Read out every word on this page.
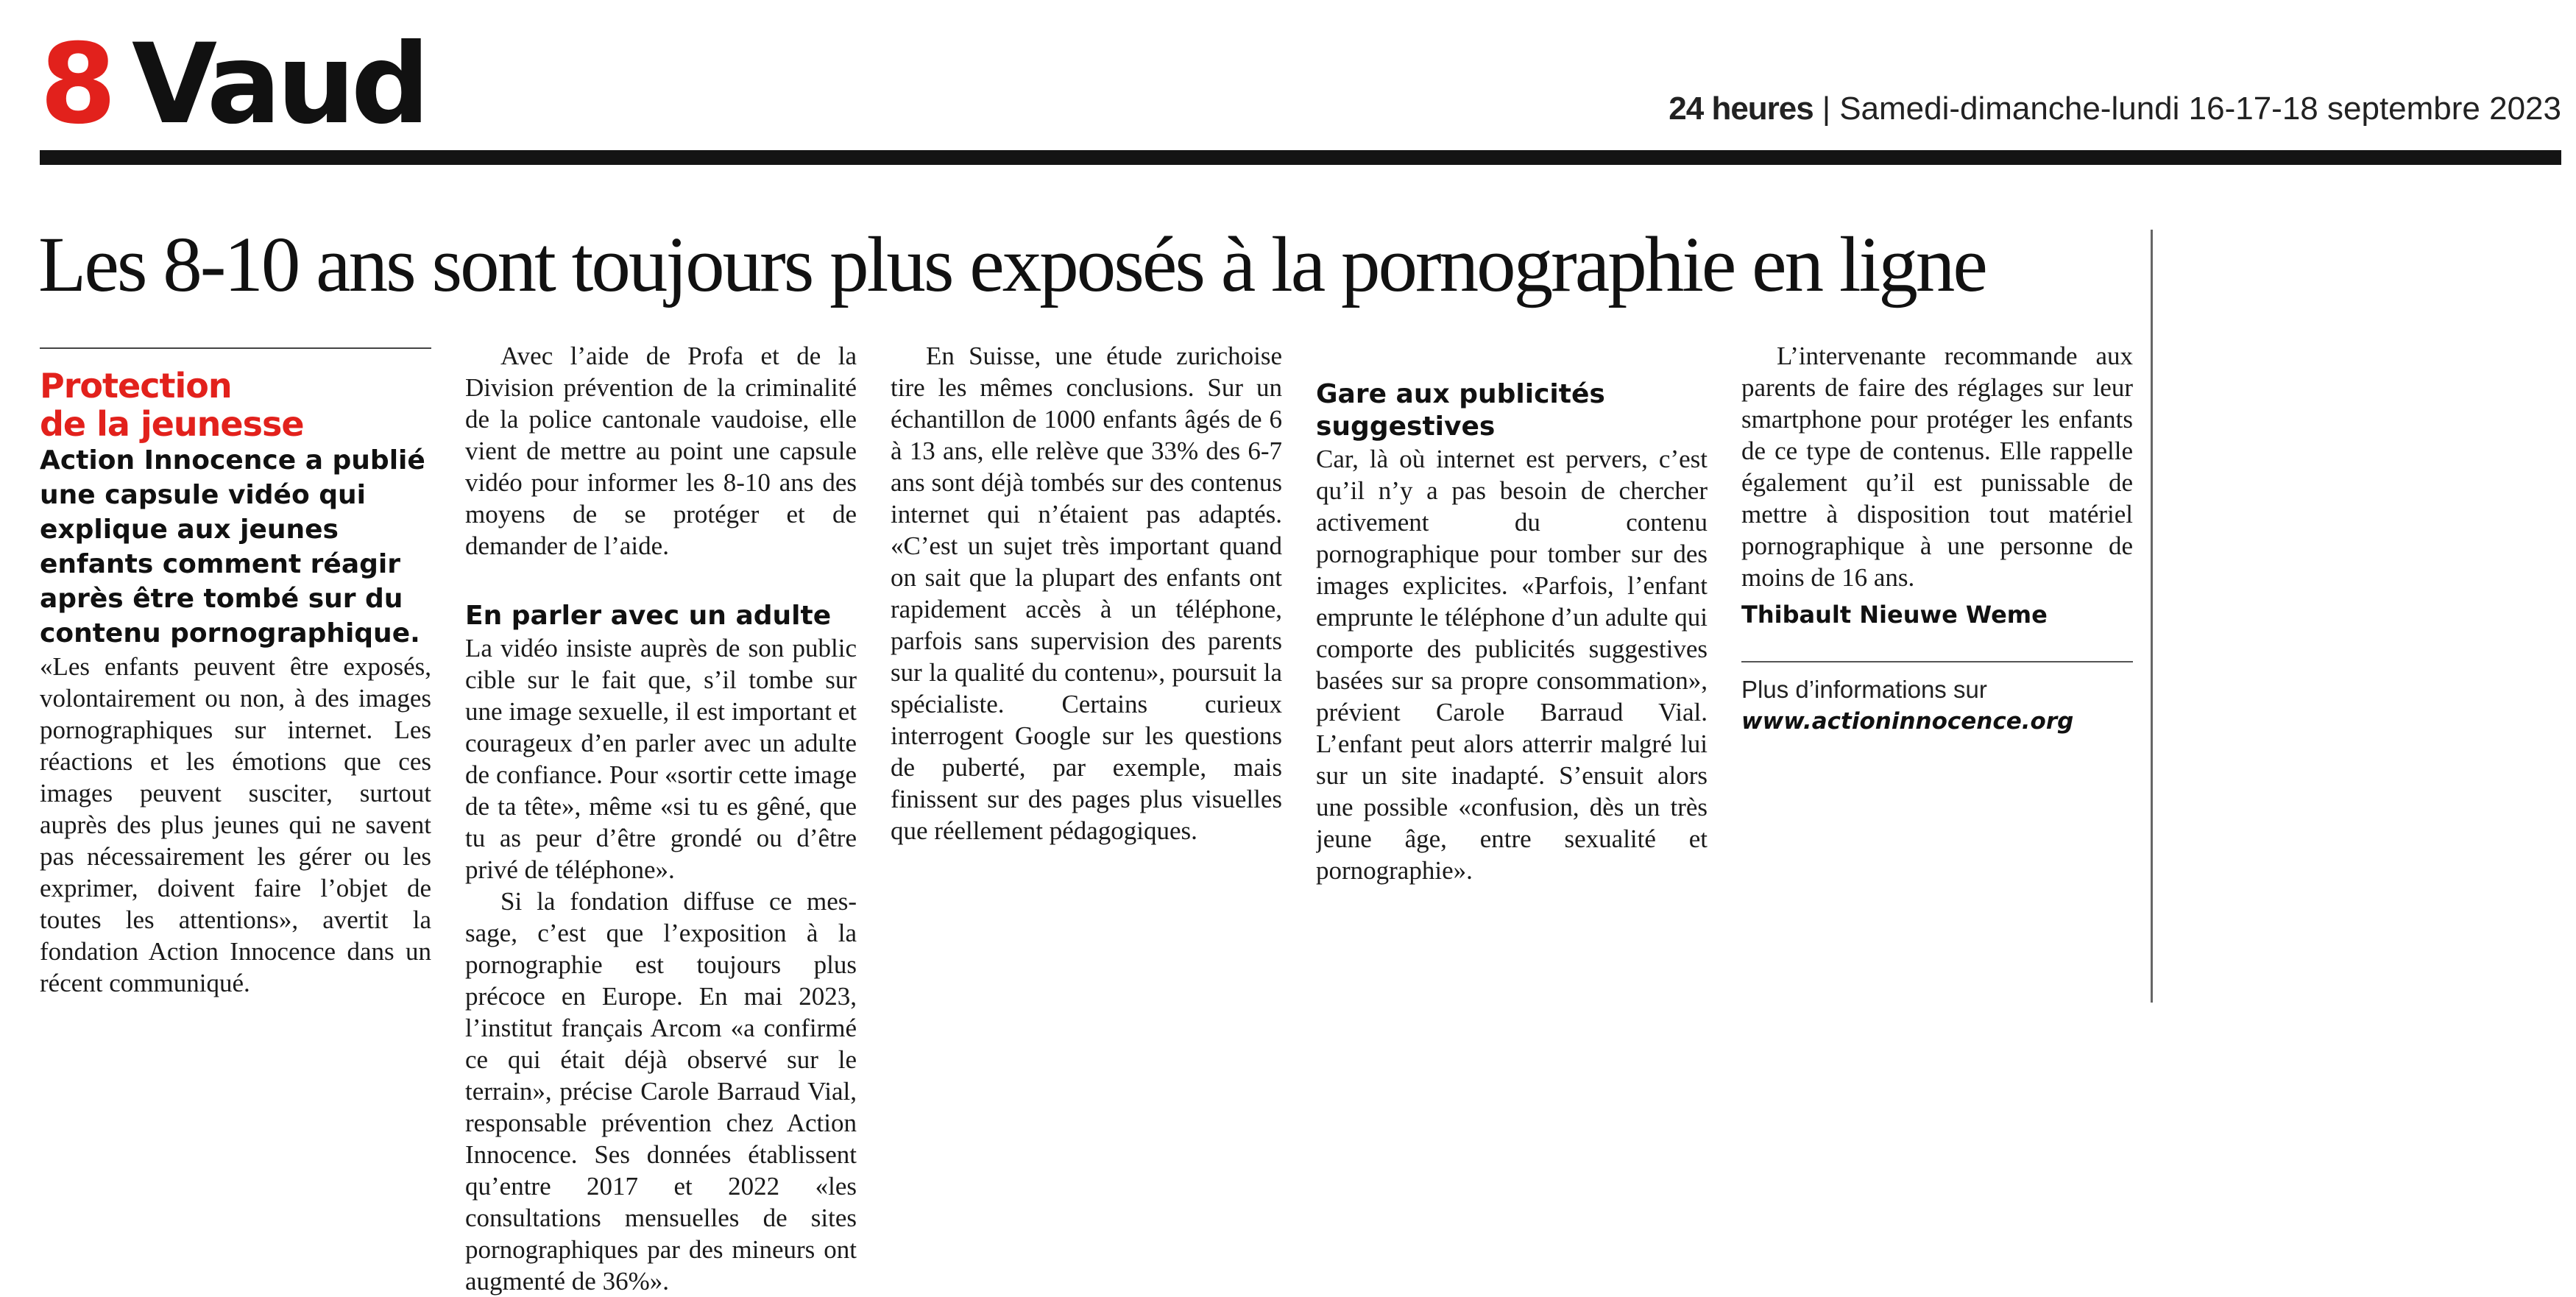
8 Vaud	24 heures | Samedi-dimanche-lundi 16-17-18 septembre 2023
Les 8-10 ans sont toujours plus exposés à la pornographie en ligne
Protection
de la jeunesse

Action Innocence a publié une capsule vidéo qui explique aux jeunes enfants comment réagir après être tombé sur du contenu pornographique.

«Les enfants peuvent être exposés, volontairement ou non, à des images pornographiques sur internet. Les réactions et les émotions que ces images peuvent susciter, surtout auprès des plus jeunes qui ne savent pas nécessairement les gérer ou les exprimer, doivent faire l’objet de toutes les attentions», avertit la fondation Action Innocence dans un récent communiqué.

Avec l’aide de Profa et de la Division prévention de la criminalité de la police cantonale vaudoise, elle vient de mettre au point une capsule vidéo pour informer les 8-10 ans des moyens de se protéger et de demander de l’aide.

En parler avec un adulte

La vidéo insiste auprès de son public cible sur le fait que, s’il tombe sur une image sexuelle, il est important et courageux d’en parler avec un adulte de confiance. Pour «sortir cette image de ta tête», même «si tu es gêné, que tu as peur d’être grondé ou d’être privé de téléphone».

Si la fondation diffuse ce message, c’est que l’exposition à la pornographie est toujours plus précoce en Europe. En mai 2023, l’institut français Arcom «a confirmé ce qui était déjà observé sur le terrain», précise Carole Barraud Vial, responsable prévention chez Action Innocence. Ses données établissent qu’entre 2017 et 2022 «les consultations mensuelles de sites pornographiques par des mineurs ont augmenté de 36%».

En Suisse, une étude zurichoise tire les mêmes conclusions. Sur un échantillon de 1000 enfants âgés de 6 à 13 ans, elle relève que 33% des 6-7 ans sont déjà tombés sur des contenus internet qui n’étaient pas adaptés. «C’est un sujet très important quand on sait que la plupart des enfants ont rapidement accès à un téléphone, parfois sans supervision des parents sur la qualité du contenu», poursuit la spécialiste. Certains curieux interrogent Google sur les questions de puberté, par exemple, mais finissent sur des pages plus visuelles que réellement pédagogiques.

Gare aux publicités suggestives

Car, là où internet est pervers, c’est qu’il n’y a pas besoin de chercher activement du contenu pornographique pour tomber sur des images explicites. «Parfois, l’enfant emprunte le téléphone d’un adulte qui comporte des publicités suggestives basées sur sa propre consommation», prévient Carole Barraud Vial. L’enfant peut alors atterrir malgré lui sur un site inadapté. S’ensuit alors une possible «confusion, dès un très jeune âge, entre sexualité et pornographie».

L’intervenante recommande aux parents de faire des réglages sur leur smartphone pour protéger les enfants de ce type de contenus. Elle rappelle également qu’il est punissable de mettre à disposition tout matériel pornographique à une personne de moins de 16 ans.

Thibault Nieuwe Weme
Plus d’informations sur
www.actioninnocence.org
